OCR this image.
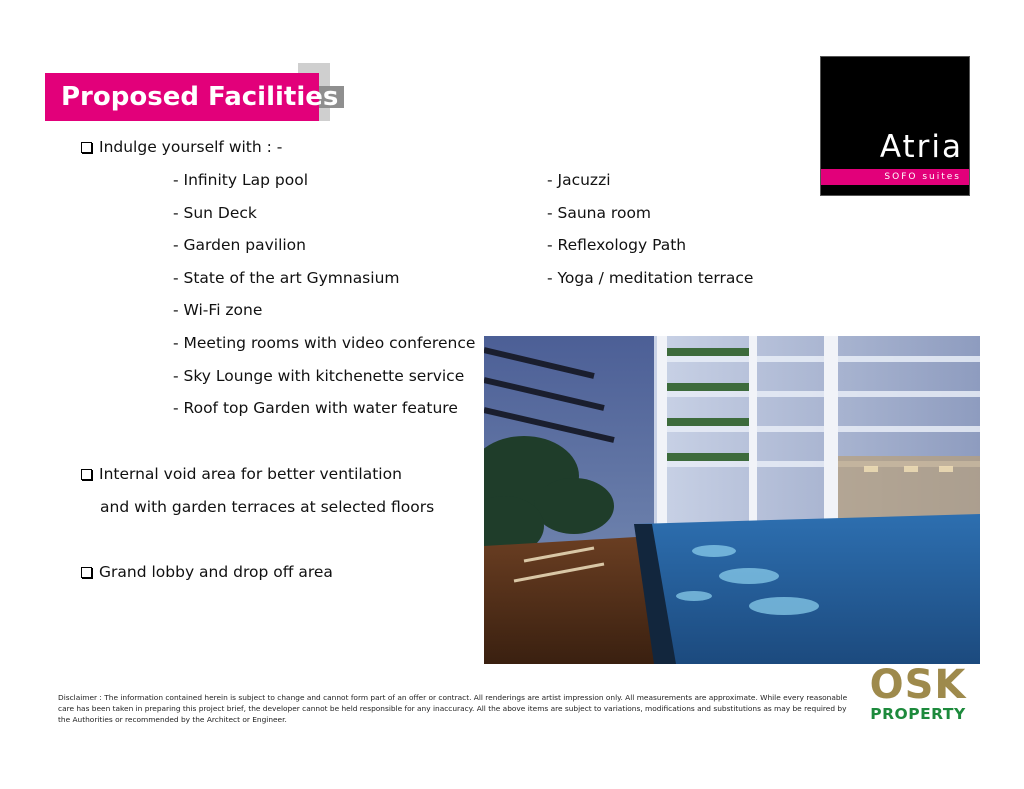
Proposed Facilities
Atria
SOFO suites
Indulge yourself with : -
- Infinity Lap pool
- Sun Deck
- Garden pavilion
- State of the art Gymnasium
- Wi-Fi zone
- Meeting rooms with video conference
- Sky Lounge with kitchenette service
- Roof top Garden with water feature
- Jacuzzi
- Sauna room
- Reflexology Path
- Yoga / meditation terrace
Internal void area for better ventilation
and with garden terraces at selected floors
Grand lobby and drop off area
Disclaimer : The information contained herein is subject to change and cannot form part of an offer or contract. All renderings are artist impression only. All measurements are approximate. While every reasonable care has been taken in preparing this project brief, the developer cannot be held responsible for any inaccuracy. All the above items are subject to variations, modifications and substitutions as may be required by the Authorities or recommended by the Architect or Engineer.
OSK
PROPERTY
